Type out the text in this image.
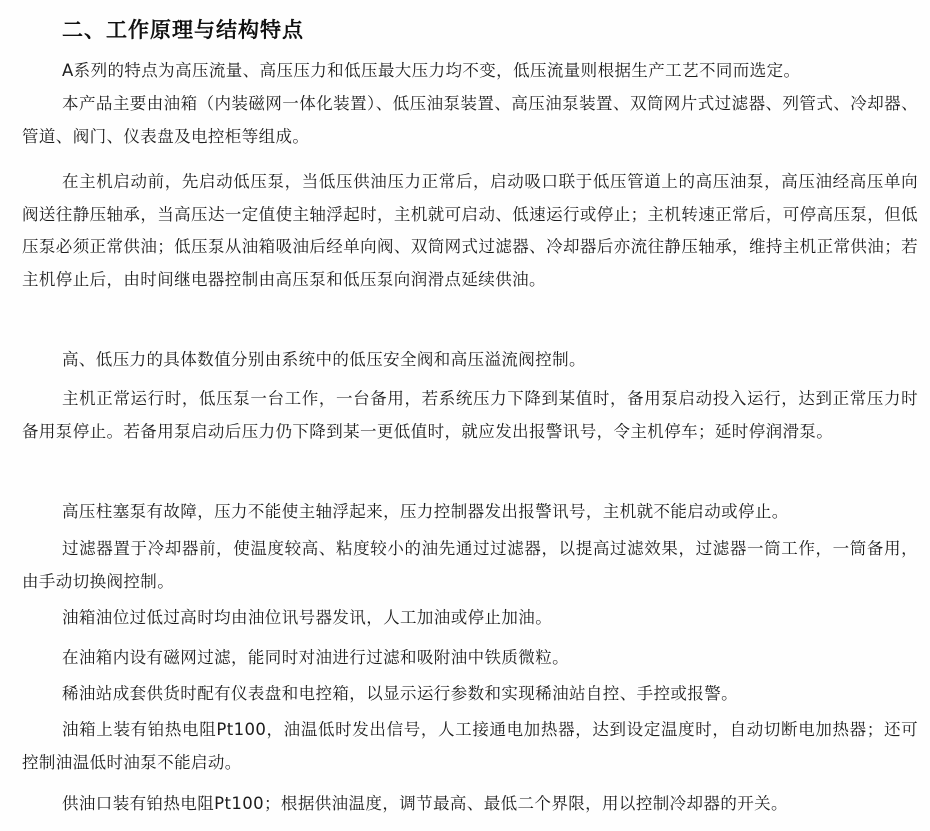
二、工作原理与结构特点

A系列的特点为高压流量、高压压力和低压最大压力均不变，低压流量则根据生产工艺不同而选定。

本产品主要由油箱（内装磁网一体化装置）、低压油泵装置、高压油泵装置、双筒网片式过滤器、列管式、冷却器、管道、阀门、仪表盘及电控柜等组成。

在主机启动前，先启动低压泵，当低压供油压力正常后，启动吸口联于低压管道上的高压油泵，高压油经高压单向阀送往静压轴承，当高压达一定值使主轴浮起时，主机就可启动、低速运行或停止；主机转速正常后，可停高压泵，但低压泵必须正常供油；低压泵从油箱吸油后经单向阀、双筒网式过滤器、冷却器后亦流往静压轴承，维持主机正常供油；若主机停止后，由时间继电器控制由高压泵和低压泵向润滑点延续供油。

高、低压力的具体数值分别由系统中的低压安全阀和高压溢流阀控制。

主机正常运行时，低压泵一台工作，一台备用，若系统压力下降到某值时，备用泵启动投入运行，达到正常压力时备用泵停止。若备用泵启动后压力仍下降到某一更低值时，就应发出报警讯号，令主机停车；延时停润滑泵。

高压柱塞泵有故障，压力不能使主轴浮起来，压力控制器发出报警讯号，主机就不能启动或停止。

过滤器置于冷却器前，使温度较高、粘度较小的油先通过过滤器，以提高过滤效果，过滤器一筒工作，一筒备用，由手动切换阀控制。

油箱油位过低过高时均由油位讯号器发讯，人工加油或停止加油。

在油箱内设有磁网过滤，能同时对油进行过滤和吸附油中铁质微粒。

稀油站成套供货时配有仪表盘和电控箱，以显示运行参数和实现稀油站自控、手控或报警。

油箱上装有铂热电阻Pt100，油温低时发出信号，人工接通电加热器，达到设定温度时，自动切断电加热器；还可控制油温低时油泵不能启动。

供油口装有铂热电阻Pt100；根据供油温度，调节最高、最低二个界限，用以控制冷却器的开关。
